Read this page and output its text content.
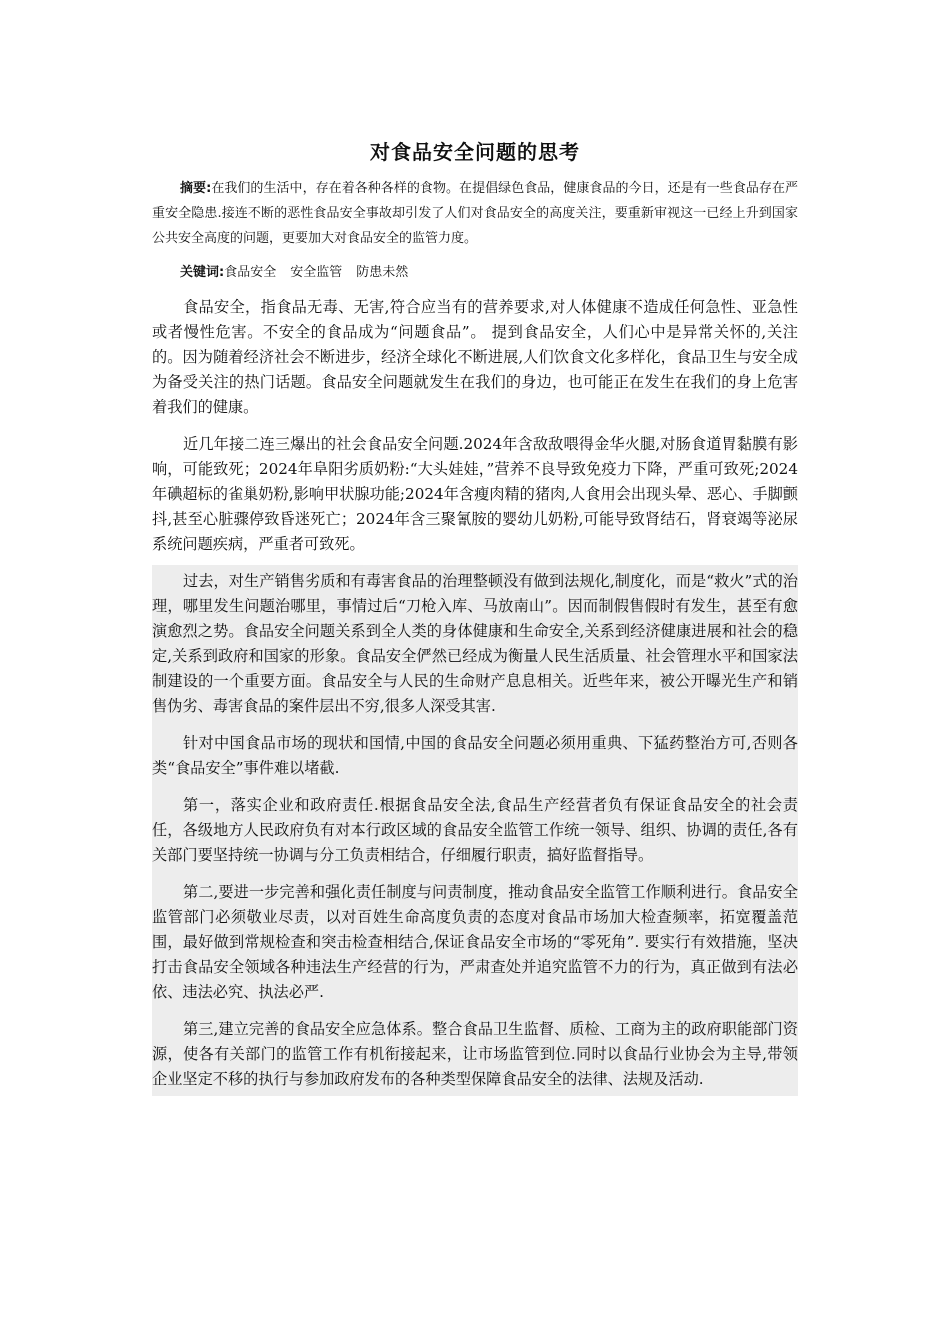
对食品安全问题的思考
摘要:在我们的生活中，存在着各种各样的食物。在提倡绿色食品，健康食品的今日，还是有一些食品存在严重安全隐患.接连不断的恶性食品安全事故却引发了人们对食品安全的高度关注，要重新审视这一已经上升到国家公共安全高度的问题，更要加大对食品安全的监管力度。
关键词:食品安全 安全监管 防患未然

食品安全，指食品无毒、无害,符合应当有的营养要求,对人体健康不造成任何急性、亚急性或者慢性危害。不安全的食品成为“问题食品”。 提到食品安全，人们心中是异常关怀的,关注的。因为随着经济社会不断进步，经济全球化不断进展,人们饮食文化多样化，食品卫生与安全成为备受关注的热门话题。食品安全问题就发生在我们的身边，也可能正在发生在我们的身上危害着我们的健康。

近几年接二连三爆出的社会食品安全问题.2024年含敌敌喂得金华火腿,对肠食道胃黏膜有影响，可能致死；2024年阜阳劣质奶粉:“大头娃娃，”营养不良导致免疫力下降，严重可致死;2024年碘超标的雀巢奶粉,影响甲状腺功能;2024年含瘦肉精的猪肉,人食用会出现头晕、恶心、手脚颤抖,甚至心脏骤停致昏迷死亡；2024年含三聚氰胺的婴幼儿奶粉,可能导致肾结石，肾衰竭等泌尿系统问题疾病，严重者可致死。

过去，对生产销售劣质和有毒害食品的治理整顿没有做到法规化,制度化，而是“救火”式的治理，哪里发生问题治哪里，事情过后“刀枪入库、马放南山”。因而制假售假时有发生，甚至有愈演愈烈之势。食品安全问题关系到全人类的身体健康和生命安全,关系到经济健康进展和社会的稳定,关系到政府和国家的形象。食品安全俨然已经成为衡量人民生活质量、社会管理水平和国家法制建设的一个重要方面。食品安全与人民的生命财产息息相关。近些年来，被公开曝光生产和销售伪劣、毒害食品的案件层出不穷,很多人深受其害.

针对中国食品市场的现状和国情,中国的食品安全问题必须用重典、下猛药整治方可,否则各类“食品安全”事件难以堵截.

第一，落实企业和政府责任.根据食品安全法,食品生产经营者负有保证食品安全的社会责任，各级地方人民政府负有对本行政区域的食品安全监管工作统一领导、组织、协调的责任,各有关部门要坚持统一协调与分工负责相结合，仔细履行职责，搞好监督指导。

第二,要进一步完善和强化责任制度与问责制度，推动食品安全监管工作顺利进行。食品安全监管部门必须敬业尽责，以对百姓生命高度负责的态度对食品市场加大检查频率，拓宽覆盖范围，最好做到常规检查和突击检查相结合,保证食品安全市场的“零死角”. 要实行有效措施，坚决打击食品安全领域各种违法生产经营的行为，严肃查处并追究监管不力的行为，真正做到有法必依、违法必究、执法必严.

第三,建立完善的食品安全应急体系。整合食品卫生监督、质检、工商为主的政府职能部门资源，使各有关部门的监管工作有机衔接起来，让市场监管到位.同时以食品行业协会为主导,带领企业坚定不移的执行与参加政府发布的各种类型保障食品安全的法律、法规及活动.
